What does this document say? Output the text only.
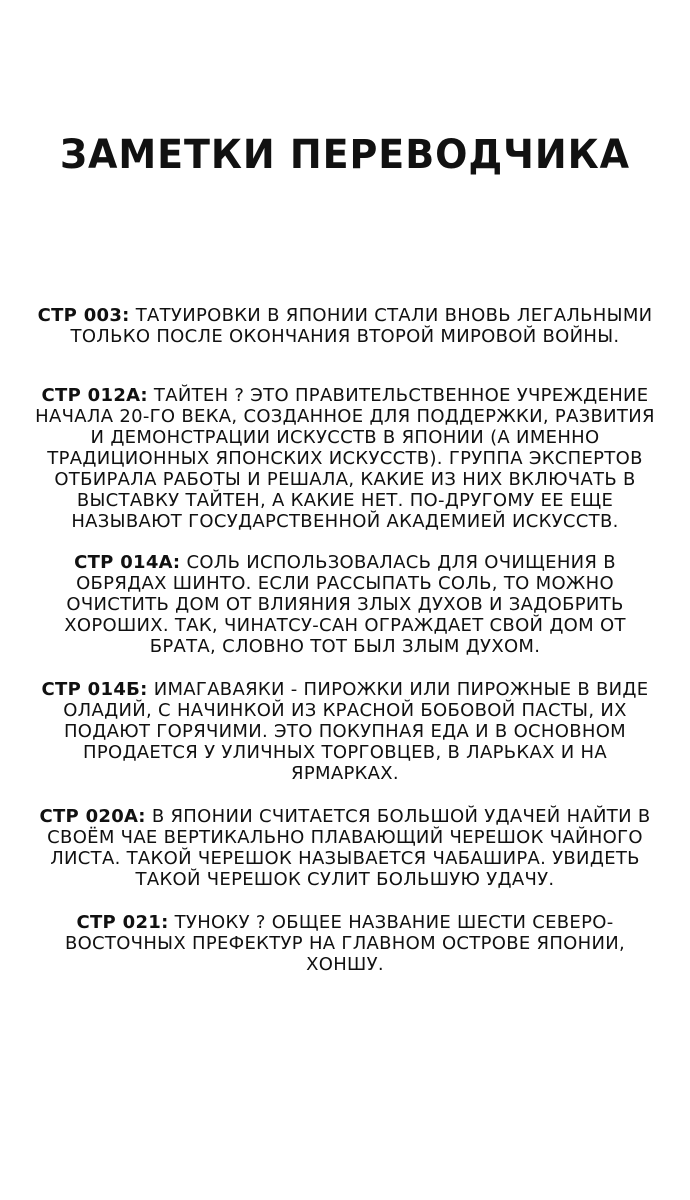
ЗАМЕТКИ ПЕРЕВОДЧИКА

СТР 003: ТАТУИРОВКИ В ЯПОНИИ СТАЛИ ВНОВЬ ЛЕГАЛЬНЫМИ ТОЛЬКО ПОСЛЕ ОКОНЧАНИЯ ВТОРОЙ МИРОВОЙ ВОЙНЫ.

СТР 012А: ТАЙТЕН ? ЭТО ПРАВИТЕЛЬСТВЕННОЕ УЧРЕЖДЕНИЕ НАЧАЛА 20-ГО ВЕКА, СОЗДАННОЕ ДЛЯ ПОДДЕРЖКИ, РАЗВИТИЯ И ДЕМОНСТРАЦИИ ИСКУССТВ В ЯПОНИИ (А ИМЕННО ТРАДИЦИОННЫХ ЯПОНСКИХ ИСКУССТВ). ГРУППА ЭКСПЕРТОВ ОТБИРАЛА РАБОТЫ И РЕШАЛА, КАКИЕ ИЗ НИХ ВКЛЮЧАТЬ В ВЫСТАВКУ ТАЙТЕН, А КАКИЕ НЕТ. ПО-ДРУГОМУ ЕЕ ЕЩЕ НАЗЫВАЮТ ГОСУДАРСТВЕННОЙ АКАДЕМИЕЙ ИСКУССТВ.

СТР 014А: СОЛЬ ИСПОЛЬЗОВАЛАСЬ ДЛЯ ОЧИЩЕНИЯ В ОБРЯДАХ ШИНТО. ЕСЛИ РАССЫПАТЬ СОЛЬ, ТО МОЖНО ОЧИСТИТЬ ДОМ ОТ ВЛИЯНИЯ ЗЛЫХ ДУХОВ И ЗАДОБРИТЬ ХОРОШИХ. ТАК, ЧИНАТСУ-САН ОГРАЖДАЕТ СВОЙ ДОМ ОТ БРАТА, СЛОВНО ТОТ БЫЛ ЗЛЫМ ДУХОМ.

СТР 014Б: ИМАГАВАЯКИ - ПИРОЖКИ ИЛИ ПИРОЖНЫЕ В ВИДЕ ОЛАДИЙ, С НАЧИНКОЙ ИЗ КРАСНОЙ БОБОВОЙ ПАСТЫ, ИХ ПОДАЮТ ГОРЯЧИМИ. ЭТО ПОКУПНАЯ ЕДА И В ОСНОВНОМ ПРОДАЕТСЯ У УЛИЧНЫХ ТОРГОВЦЕВ, В ЛАРЬКАХ И НА ЯРМАРКАХ.

СТР 020А: В ЯПОНИИ СЧИТАЕТСЯ БОЛЬШОЙ УДАЧЕЙ НАЙТИ В СВОЁМ ЧАЕ ВЕРТИКАЛЬНО ПЛАВАЮЩИЙ ЧЕРЕШОК ЧАЙНОГО ЛИСТА. ТАКОЙ ЧЕРЕШОК НАЗЫВАЕТСЯ ЧАБАШИРА. УВИДЕТЬ ТАКОЙ ЧЕРЕШОК СУЛИТ БОЛЬШУЮ УДАЧУ.

СТР 021: ТУНОКУ ? ОБЩЕЕ НАЗВАНИЕ ШЕСТИ СЕВЕРО-ВОСТОЧНЫХ ПРЕФЕКТУР НА ГЛАВНОМ ОСТРОВЕ ЯПОНИИ, ХОНШУ.
